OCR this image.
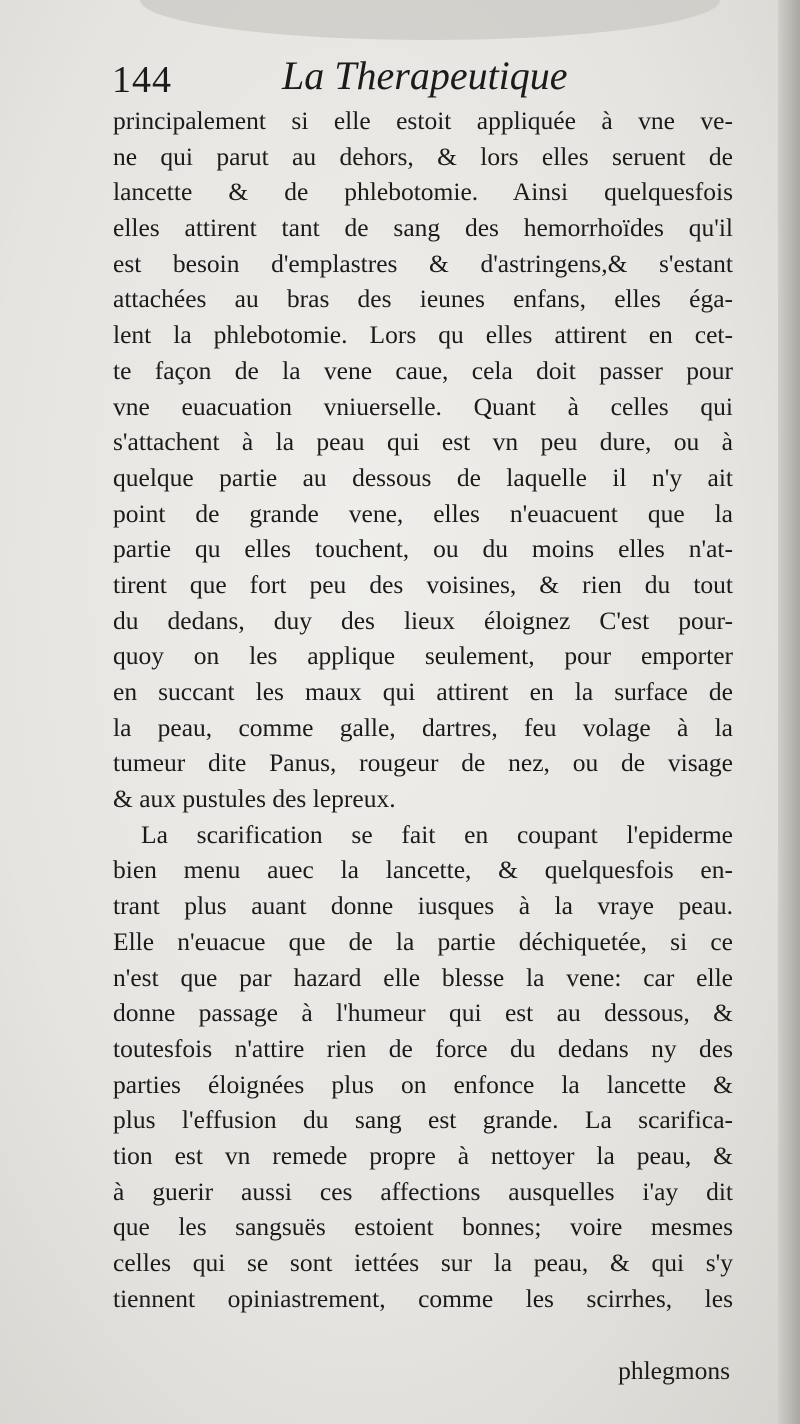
144	La Therapeutique
principalement si elle estoit appliquée à vne ve-
ne qui parut au dehors, & lors elles seruent de
lancette & de phlebotomie. Ainsi quelquesfois
elles attirent tant de sang des hemorrhoïdes qu'il
est besoin d'emplastres & d'astringens,& s'estant
attachées au bras des ieunes enfans, elles éga-
lent la phlebotomie. Lors qu elles attirent en cet-
te façon de la vene caue, cela doit passer pour
vne euacuation vniuerselle. Quant à celles qui
s'attachent à la peau qui est vn peu dure, ou à
quelque partie au dessous de laquelle il n'y ait
point de grande vene, elles n'euacuent que la
partie qu elles touchent, ou du moins elles n'at-
tirent que fort peu des voisines, & rien du tout
du dedans, duy des lieux éloignez C'est pour-
quoy on les applique seulement, pour emporter
en succant les maux qui attirent en la surface de
la peau, comme galle, dartres, feu volage à la
tumeur dite Panus, rougeur de nez, ou de visage
& aux pustules des lepreux.
La scarification se fait en coupant l'epiderme
bien menu auec la lancette, & quelquesfois en-
trant plus auant donne iusques à la vraye peau.
Elle n'euacue que de la partie déchiquetée, si ce
n'est que par hazard elle blesse la vene: car elle
donne passage à l'humeur qui est au dessous, &
toutesfois n'attire rien de force du dedans ny des
parties éloignées plus on enfonce la lancette &
plus l'effusion du sang est grande. La scarifica-
tion est vn remede propre à nettoyer la peau, &
à guerir aussi ces affections ausquelles i'ay dit
que les sangsuës estoient bonnes; voire mesmes
celles qui se sont iettées sur la peau, & qui s'y
tiennent opiniastrement, comme les scirrhes, les
phlegmons
